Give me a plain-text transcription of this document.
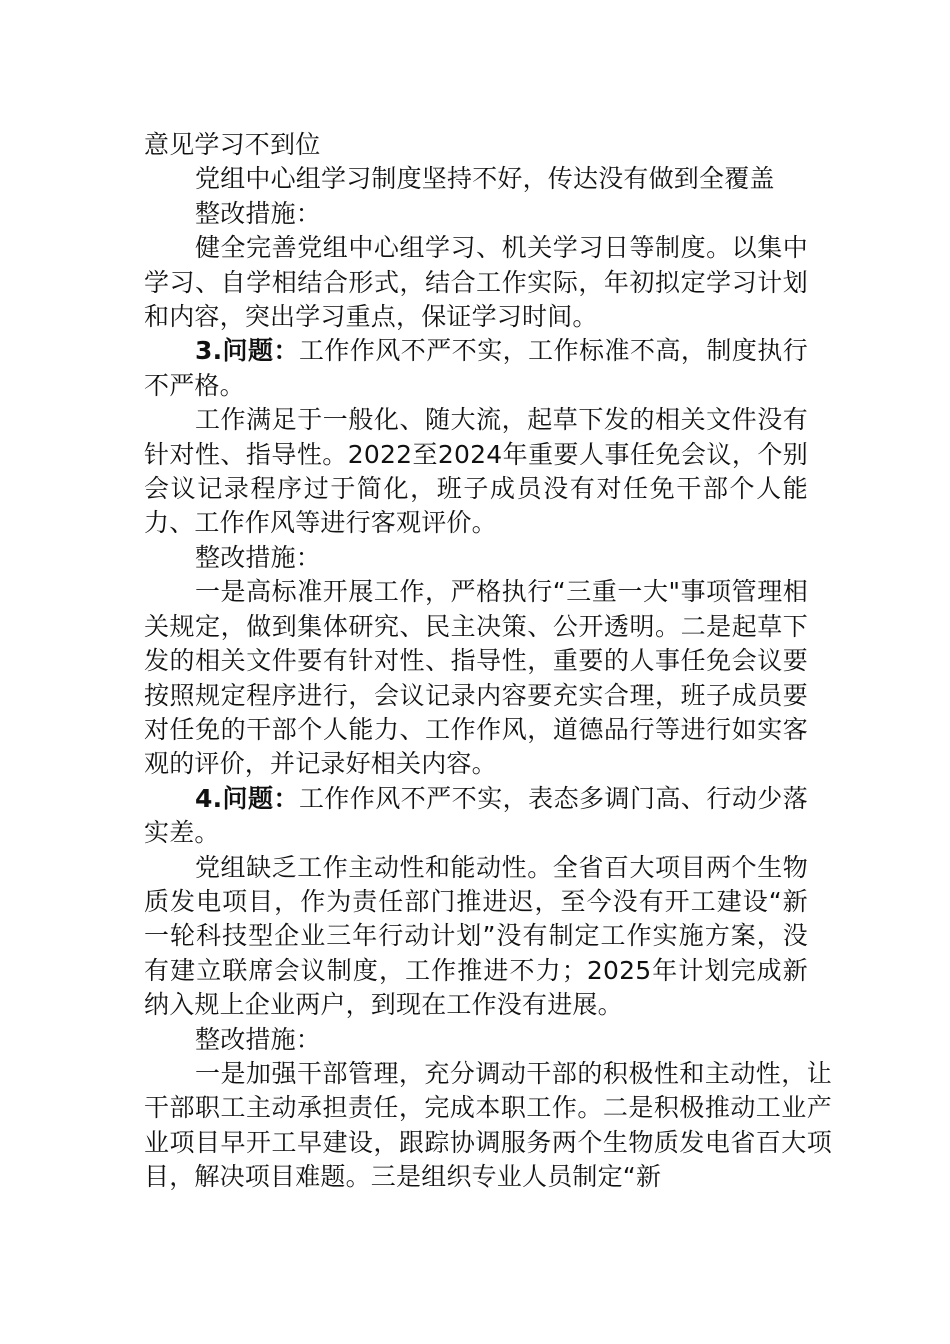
意见学习不到位

党组中心组学习制度坚持不好，传达没有做到全覆盖

整改措施：

健全完善党组中心组学习、机关学习日等制度。以集中学习、自学相结合形式，结合工作实际，年初拟定学习计划和内容，突出学习重点，保证学习时间。

3.问题：工作作风不严不实，工作标准不高，制度执行不严格。

工作满足于一般化、随大流，起草下发的相关文件没有针对性、指导性。2022至2024年重要人事任免会议，个别会议记录程序过于简化，班子成员没有对任免干部个人能力、工作作风等进行客观评价。

整改措施：

一是高标准开展工作，严格执行“三重一大"事项管理相关规定，做到集体研究、民主决策、公开透明。二是起草下发的相关文件要有针对性、指导性，重要的人事任免会议要按照规定程序进行，会议记录内容要充实合理，班子成员要对任免的干部个人能力、工作作风，道德品行等进行如实客观的评价，并记录好相关内容。

4.问题：工作作风不严不实，表态多调门高、行动少落实差。

党组缺乏工作主动性和能动性。全省百大项目两个生物质发电项目，作为责任部门推进迟，至今没有开工建设“新一轮科技型企业三年行动计划”没有制定工作实施方案，没有建立联席会议制度，工作推进不力；2025年计划完成新纳入规上企业两户，到现在工作没有进展。

整改措施：

一是加强干部管理，充分调动干部的积极性和主动性，让干部职工主动承担责任，完成本职工作。二是积极推动工业产业项目早开工早建设，跟踪协调服务两个生物质发电省百大项目，解决项目难题。三是组织专业人员制定“新
